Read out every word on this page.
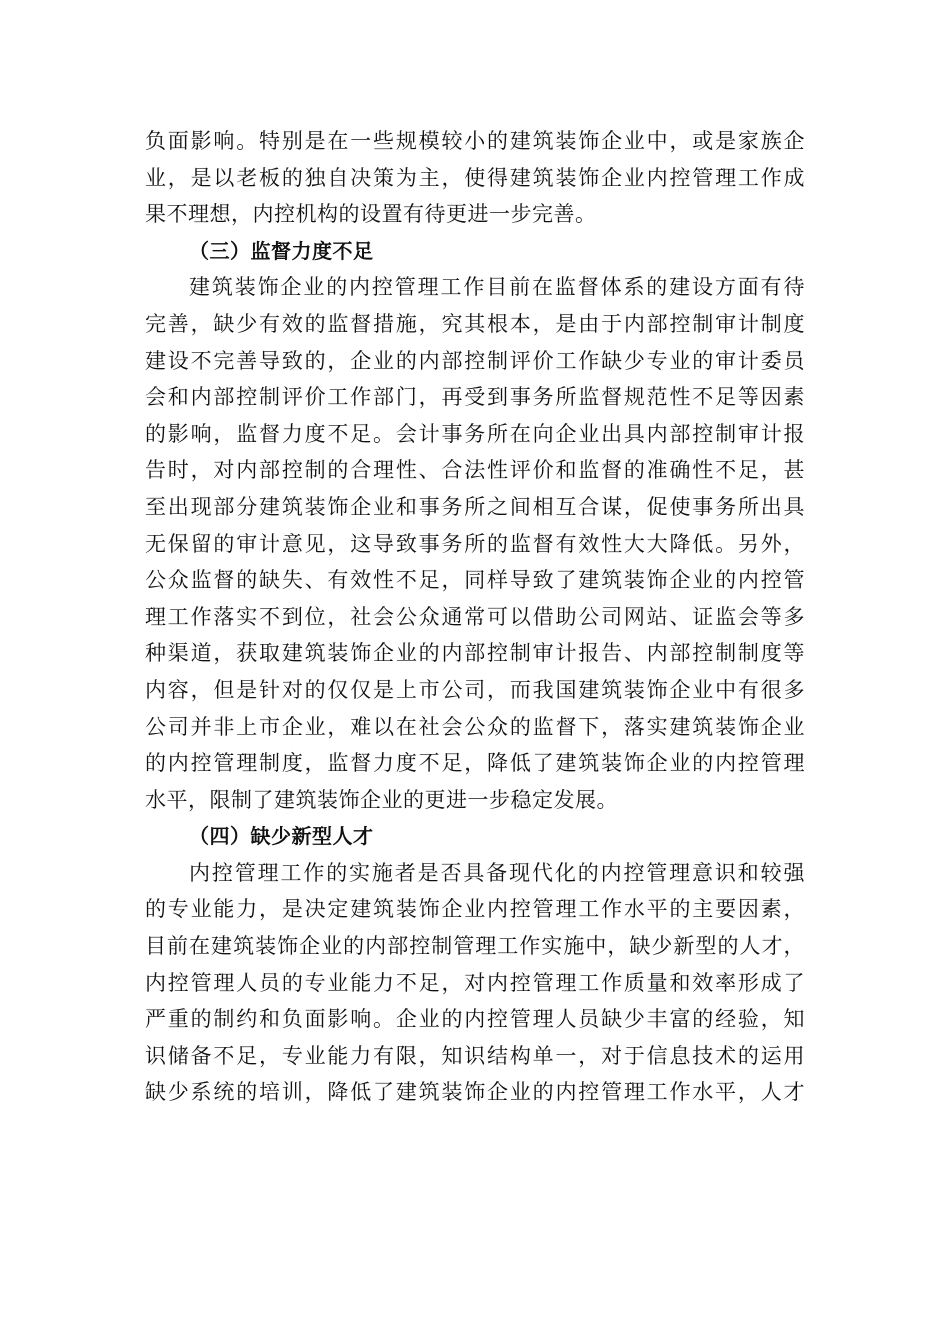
负面影响。特别是在一些规模较小的建筑装饰企业中，或是家族企
业，是以老板的独自决策为主，使得建筑装饰企业内控管理工作成
果不理想，内控机构的设置有待更进一步完善。
（三）监督力度不足
建筑装饰企业的内控管理工作目前在监督体系的建设方面有待
完善，缺少有效的监督措施，究其根本，是由于内部控制审计制度
建设不完善导致的，企业的内部控制评价工作缺少专业的审计委员
会和内部控制评价工作部门，再受到事务所监督规范性不足等因素
的影响，监督力度不足。会计事务所在向企业出具内部控制审计报
告时，对内部控制的合理性、合法性评价和监督的准确性不足，甚
至出现部分建筑装饰企业和事务所之间相互合谋，促使事务所出具
无保留的审计意见，这导致事务所的监督有效性大大降低。另外，
公众监督的缺失、有效性不足，同样导致了建筑装饰企业的内控管
理工作落实不到位，社会公众通常可以借助公司网站、证监会等多
种渠道，获取建筑装饰企业的内部控制审计报告、内部控制制度等
内容，但是针对的仅仅是上市公司，而我国建筑装饰企业中有很多
公司并非上市企业，难以在社会公众的监督下，落实建筑装饰企业
的内控管理制度，监督力度不足，降低了建筑装饰企业的内控管理
水平，限制了建筑装饰企业的更进一步稳定发展。
（四）缺少新型人才
内控管理工作的实施者是否具备现代化的内控管理意识和较强
的专业能力，是决定建筑装饰企业内控管理工作水平的主要因素，
目前在建筑装饰企业的内部控制管理工作实施中，缺少新型的人才，
内控管理人员的专业能力不足，对内控管理工作质量和效率形成了
严重的制约和负面影响。企业的内控管理人员缺少丰富的经验，知
识储备不足，专业能力有限，知识结构单一，对于信息技术的运用
缺少系统的培训，降低了建筑装饰企业的内控管理工作水平，人才
